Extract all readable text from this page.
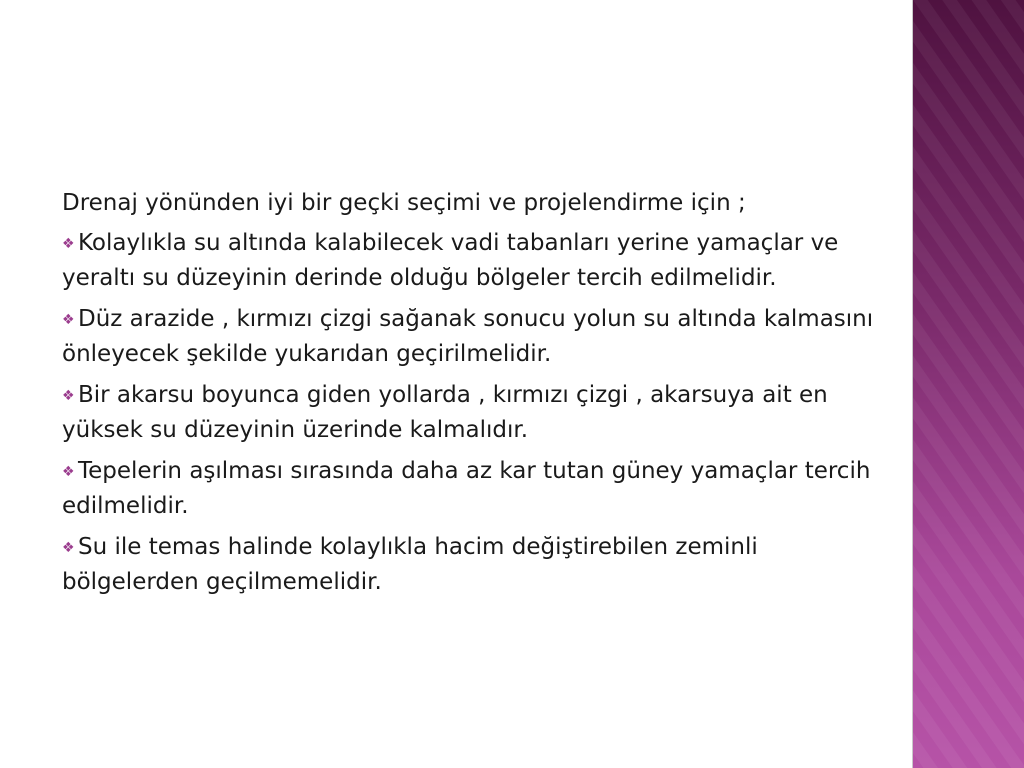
Drenaj yönünden iyi bir geçki seçimi ve projelendirme için ;

❖ Kolaylıkla su altında kalabilecek vadi tabanları yerine yamaçlar ve yeraltı su düzeyinin derinde olduğu bölgeler tercih edilmelidir.
❖ Düz arazide , kırmızı çizgi sağanak sonucu yolun su altında kalmasını önleyecek şekilde yukarıdan geçirilmelidir.
❖ Bir akarsu boyunca giden yollarda , kırmızı çizgi , akarsuya ait en yüksek su düzeyinin üzerinde kalmalıdır.
❖ Tepelerin aşılması sırasında daha az kar tutan güney yamaçlar tercih edilmelidir.
❖ Su ile temas halinde kolaylıkla hacim değiştirebilen zeminli bölgelerden geçilmemelidir.
